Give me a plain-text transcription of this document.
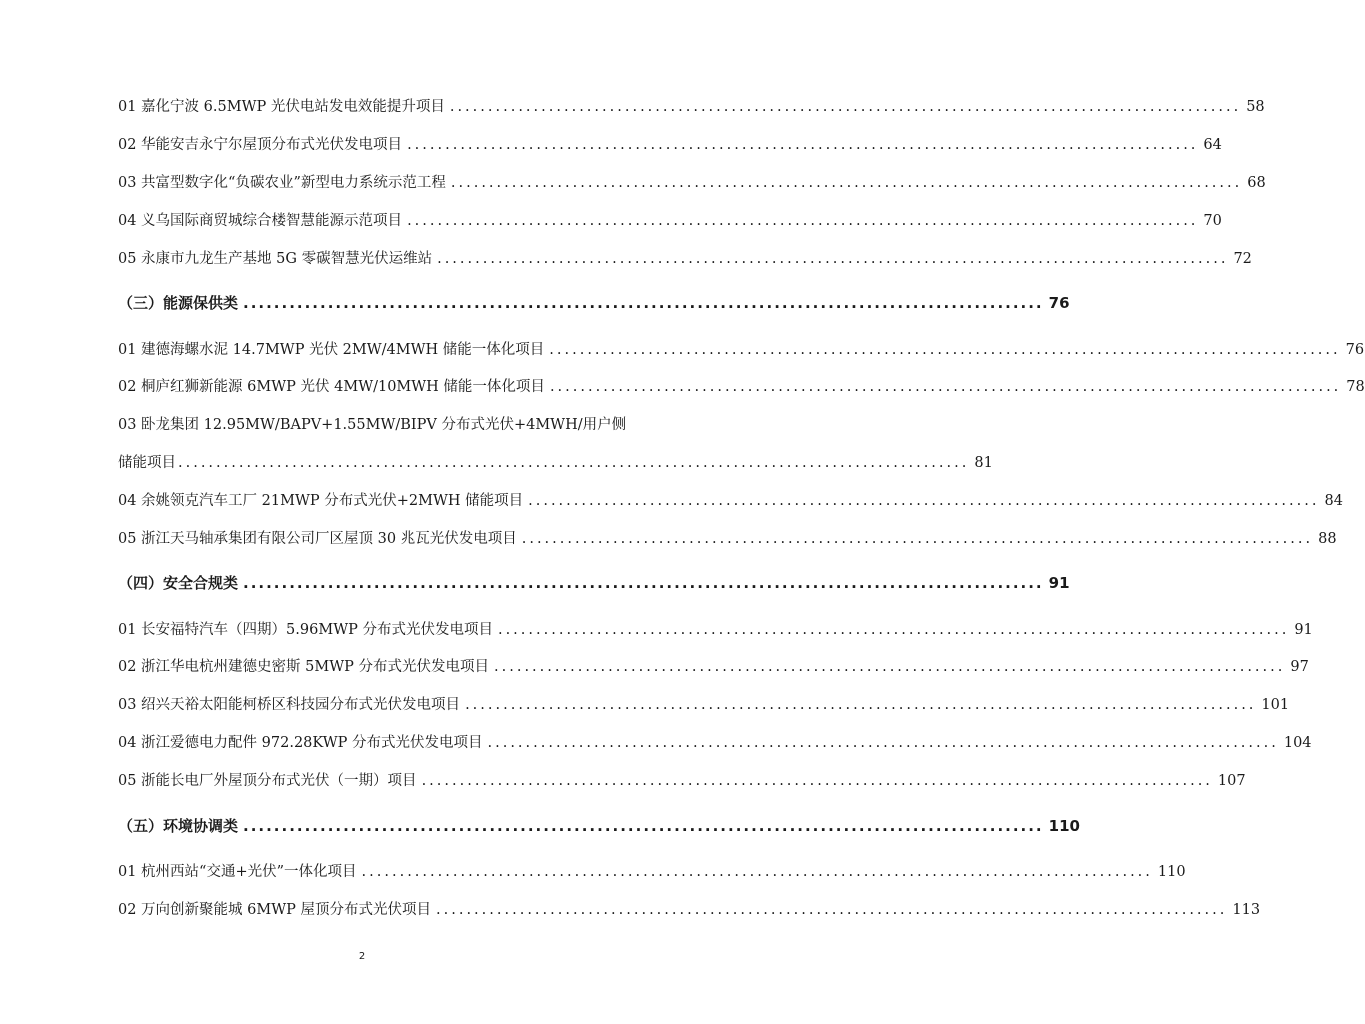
01 嘉化宁波 6.5MWP 光伏电站发电效能提升项目 ........................................................................................................ 58
02 华能安吉永宁尔屋顶分布式光伏发电项目 ........................................................................................................ 64
03 共富型数字化“负碳农业”新型电力系统示范工程 ........................................................................................................ 68
04 义乌国际商贸城综合楼智慧能源示范项目 ........................................................................................................ 70
05 永康市九龙生产基地 5G 零碳智慧光伏运维站 ........................................................................................................ 72
（三）能源保供类 ........................................................................................................ 76
01 建德海螺水泥 14.7MWP 光伏 2MW/4MWH 储能一体化项目 ........................................................................................................ 76
02 桐庐红狮新能源 6MWP 光伏 4MW/10MWH 储能一体化项目 ........................................................................................................ 78
03 卧龙集团 12.95MW/BAPV+1.55MW/BIPV 分布式光伏+4MWH/用户侧
储能项目 ........................................................................................................ 81
04 余姚领克汽车工厂 21MWP 分布式光伏+2MWH 储能项目 ........................................................................................................ 84
05 浙江天马轴承集团有限公司厂区屋顶 30 兆瓦光伏发电项目 ........................................................................................................ 88
（四）安全合规类 ........................................................................................................ 91
01 长安福特汽车（四期）5.96MWP 分布式光伏发电项目 ........................................................................................................ 91
02 浙江华电杭州建德史密斯 5MWP 分布式光伏发电项目 ........................................................................................................ 97
03 绍兴天裕太阳能柯桥区科技园分布式光伏发电项目 ........................................................................................................ 101
04 浙江爱德电力配件 972.28KWP 分布式光伏发电项目 ........................................................................................................ 104
05 浙能长电厂外屋顶分布式光伏（一期）项目 ........................................................................................................ 107
（五）环境协调类 ........................................................................................................ 110
01 杭州西站“交通+光伏”一体化项目 ........................................................................................................ 110
02 万向创新聚能城 6MWP 屋顶分布式光伏项目 ........................................................................................................ 113
2
